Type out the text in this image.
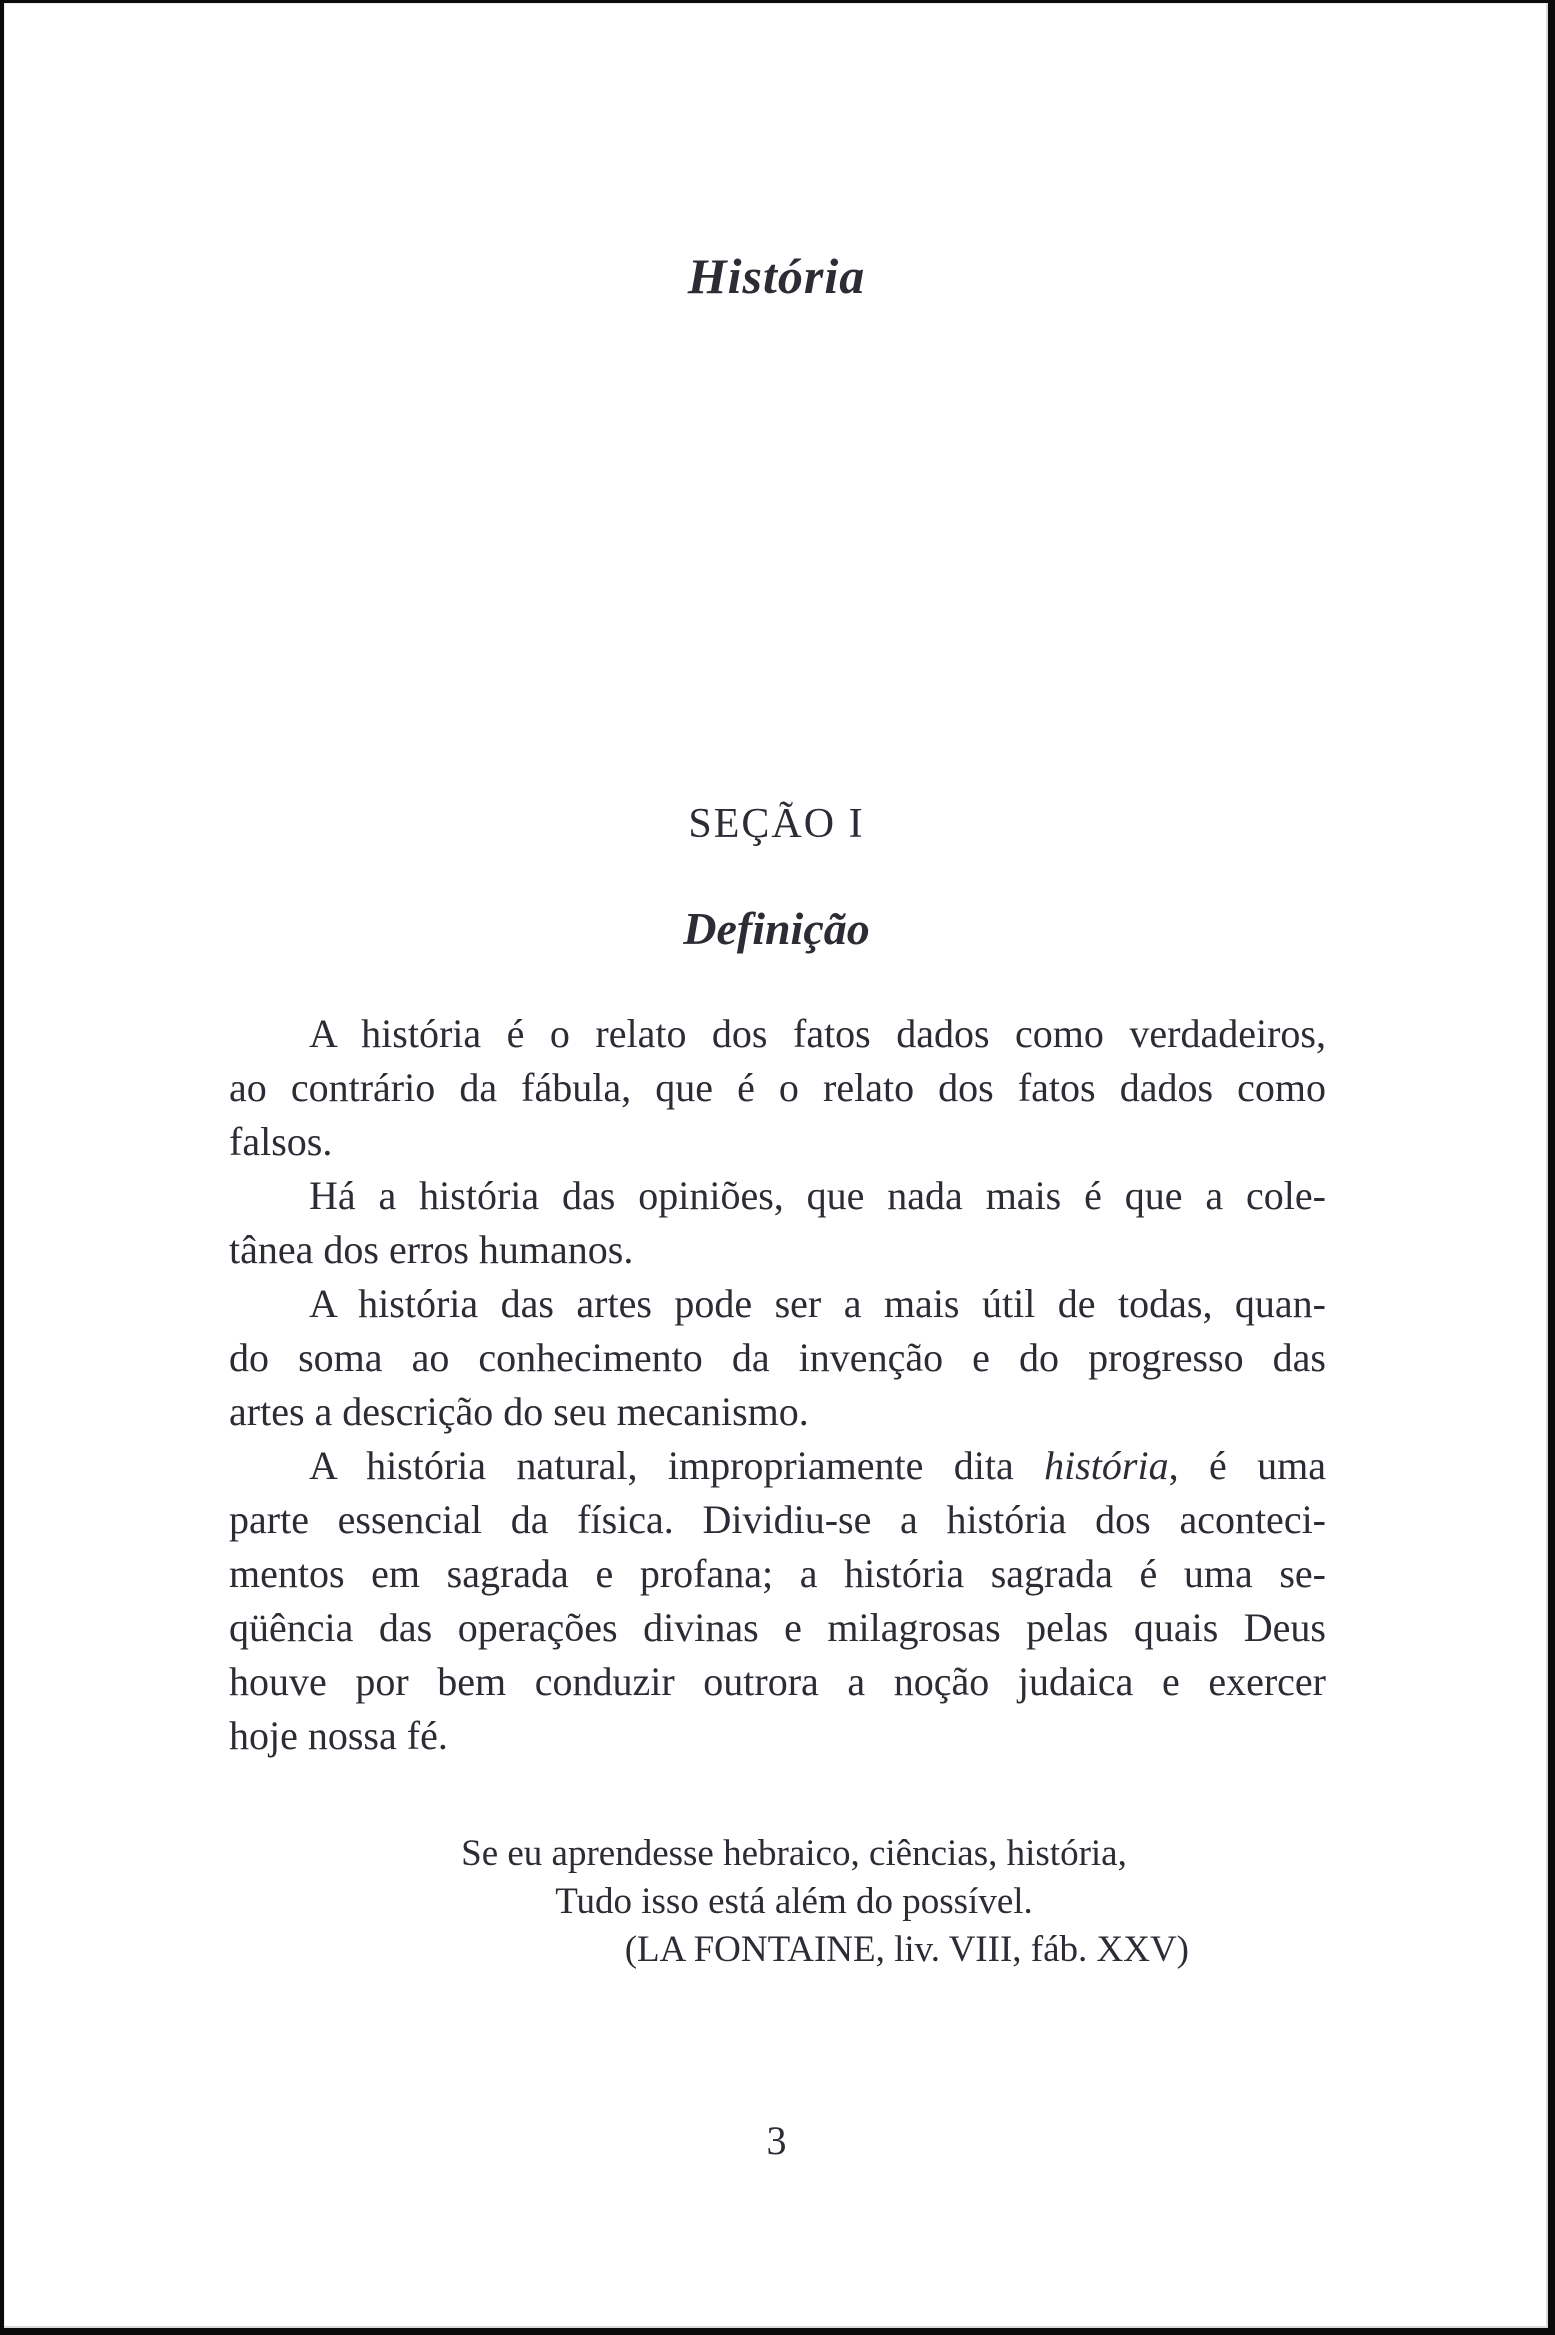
História
SEÇÃO I
Definição
A história é o relato dos fatos dados como verdadeiros,
ao contrário da fábula, que é o relato dos fatos dados como
falsos.
Há a história das opiniões, que nada mais é que a cole-
tânea dos erros humanos.
A história das artes pode ser a mais útil de todas, quan-
do soma ao conhecimento da invenção e do progresso das
artes a descrição do seu mecanismo.
A história natural, impropriamente dita história, é uma
parte essencial da física. Dividiu-se a história dos aconteci-
mentos em sagrada e profana; a história sagrada é uma se-
qüência das operações divinas e milagrosas pelas quais Deus
houve por bem conduzir outrora a noção judaica e exercer
hoje nossa fé.
Se eu aprendesse hebraico, ciências, história,
Tudo isso está além do possível.
(LA FONTAINE, liv. VIII, fáb. XXV)
3
